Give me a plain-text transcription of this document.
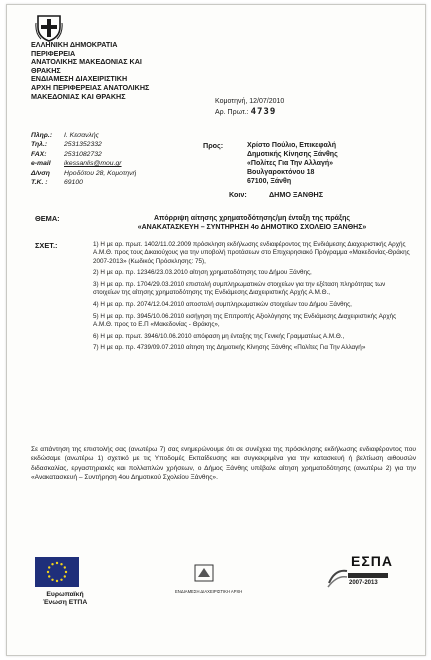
ΕΛΛΗΝΙΚΗ ΔΗΜΟΚΡΑΤΙΑ
ΠΕΡΙΦΕΡΕΙΑ
ΑΝΑΤΟΛΙΚΗΣ ΜΑΚΕΔΟΝΙΑΣ ΚΑΙ
ΘΡΑΚΗΣ
ΕΝΔΙΑΜΕΣΗ ΔΙΑΧΕΙΡΙΣΤΙΚΗ
ΑΡΧΗ ΠΕΡΙΦΕΡΕΙΑΣ ΑΝΑΤΟΛΙΚΗΣ
ΜΑΚΕΔΟΝΙΑΣ ΚΑΙ ΘΡΑΚΗΣ
Κομοτηνή, 12/07/2010
Αρ. Πρωτ.: 4739
Πληρ.: Ι. Κεσανλής
Τηλ.: 2531352332
FAX:	2531082732
e-mail ikessanlis@mou.gr
Δ/νση Ηροδότου 28, Κομοτηνή
Τ.Κ. : 69100
Προς:	Χρίστο Πούλιο, Επικεφαλή
Δημοτικής Κίνησης Ξάνθης
«Πολίτες Για Την Αλλαγή»
Βουλγαροκτόνου 18
67100, Ξάνθη
Κοιν:	ΔΗΜΟ ΞΑΝΘΗΣ
ΘΕΜΑ:	Απόρριψη αίτησης χρηματοδότησης/μη ένταξη της πράξης
«ΑΝΑΚΑΤΑΣΚΕΥΗ – ΣΥΝΤΗΡΗΣΗ 4ο ΔΗΜΟΤΙΚΟ ΣΧΟΛΕΙΟ ΞΑΝΘΗΣ»
ΣΧΕΤ.:	1) Η με αρ. πρωτ. 1402/11.02.2009 πρόσκληση εκδήλωσης ενδιαφέροντος της Ενδιάμεσης Διαχειριστικής Αρχής Α.Μ.Θ. προς τους Δικαιούχους για την υποβολή προτάσεων στο Επιχειρησιακό Πρόγραμμα «Μακεδονίας-Θράκης 2007-2013» (Κωδικός Πρόσκλησης: 75),
2) Η με αρ. πρ. 12346/23.03.2010 αίτηση χρηματοδότησης του Δήμου Ξάνθης,
3) Η με αρ. πρ. 1704/29.03.2010 επιστολή συμπληρωματικών στοιχείων για την εξέταση πληρότητας των στοιχείων της αίτησης χρηματοδότησης της Ενδιάμεσης Διαχειριστικής Αρχής Α.Μ.Θ.,
4) Η με αρ. πρ. 2074/12.04.2010 αποστολή συμπληρωματικών στοιχείων του Δήμου Ξάνθης,
5) Η με αρ. πρ. 3945/10.06.2010 εισήγηση της Επιτροπής Αξιολόγησης της Ενδιάμεσης Διαχειριστικής Αρχής Α.Μ.Θ. προς το Ε.Π «Μακεδονίας - Θράκης»,
6) Η με αρ. πρωτ. 3946/10.06.2010 απόφαση μη ένταξης της Γενικής Γραμματέως Α.Μ.Θ.,
7) Η με αρ. πρ. 4739/09.07.2010 αίτηση της Δημοτικής Κίνησης Ξάνθης «Πολίτες Για Την Αλλαγή»
Σε απάντηση της επιστολής σας (ανωτέρω 7) σας ενημερώνουμε ότι σε συνέχεια της πρόσκλησης εκδήλωσης ενδιαφέροντος που εκδώσαμε (ανωτέρω 1) σχετικό με τις Υποδομές Εκπαίδευσης και συγκεκριμένα για την κατασκευή ή βελτίωση αιθουσών διδασκαλίας, εργαστηριακές και πολλαπλών χρήσεων, ο Δήμος Ξάνθης υπέβαλε αίτηση χρηματοδότησης (ανωτέρω 2) για την «Ανακατασκευή – Συντήρηση 4ου Δημοτικού Σχολείου Ξάνθης».
Ευρωπαϊκή Ένωση ΕΤΠΑ
ΕΝΔΙΑΜΕΣΗ ΔΙΑΧΕΙΡΙΣΤΙΚΗ ΑΡΧΗ
ΕΣΠΑ
2007-2013
